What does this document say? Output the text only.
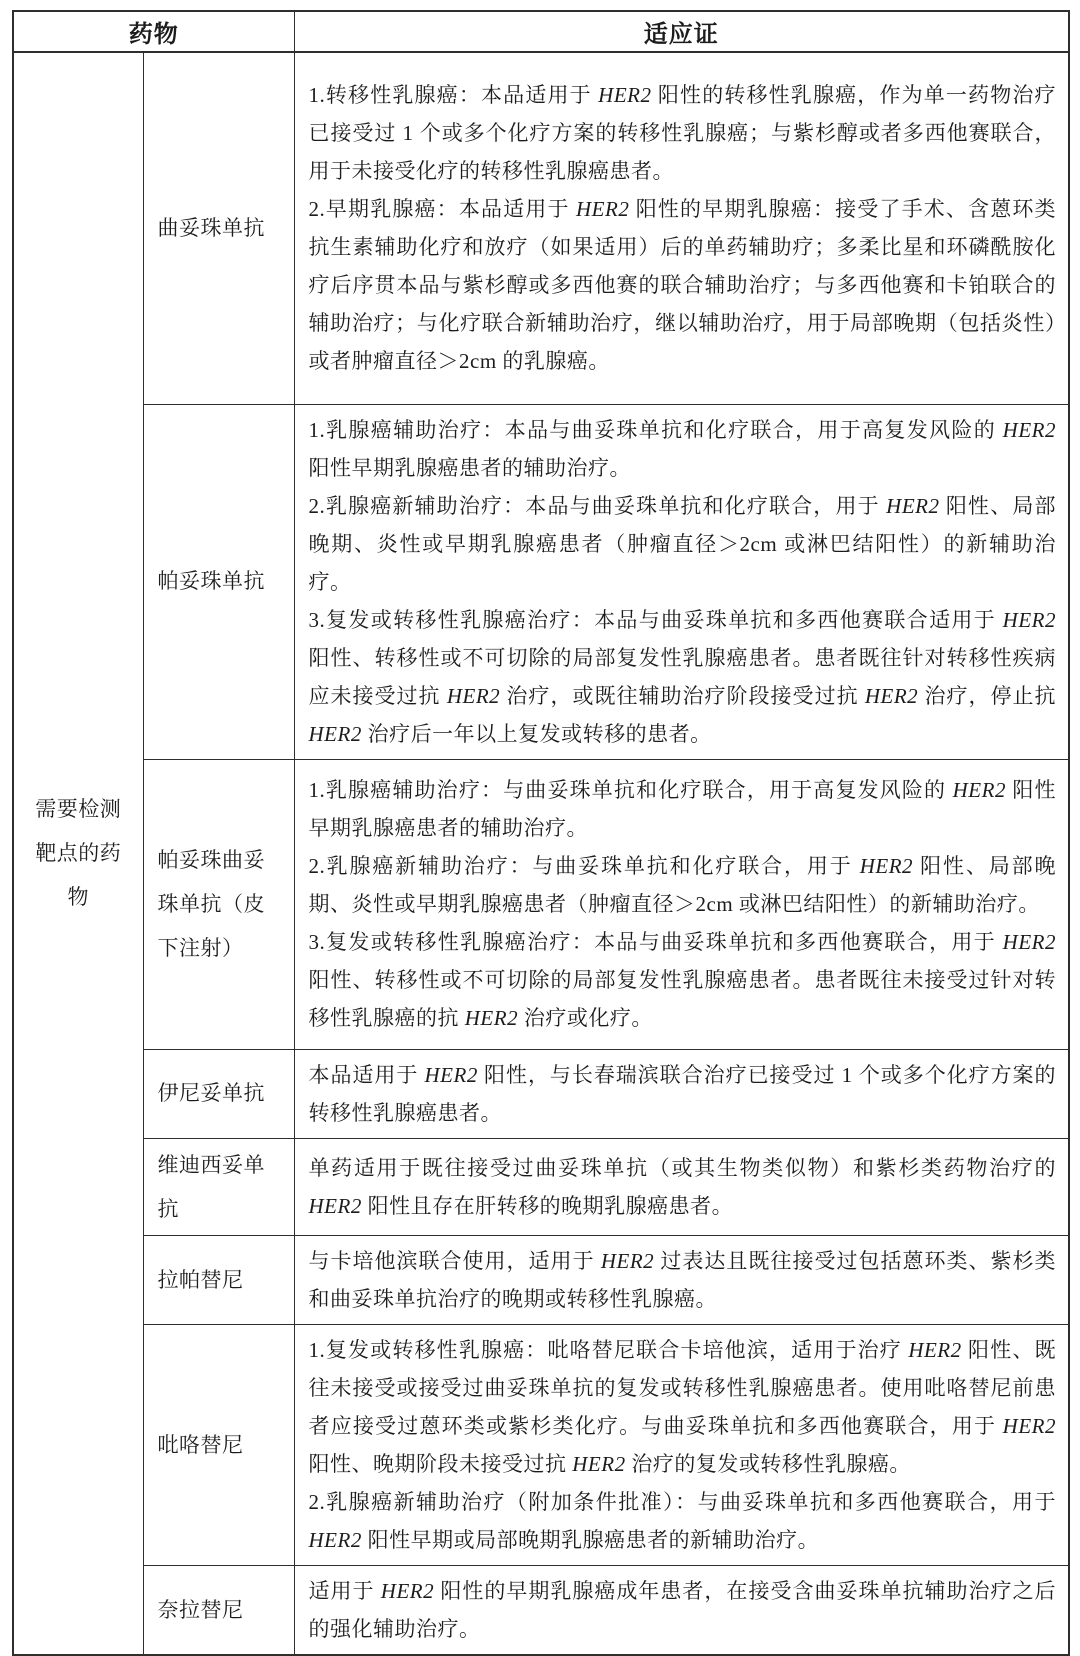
药物		适应证
需要检测靶点的药物	曲妥珠单抗	1.转移性乳腺癌：本品适用于 HER2 阳性的转移性乳腺癌，作为单一药物治疗已接受过 1 个或多个化疗方案的转移性乳腺癌；与紫杉醇或者多西他赛联合，用于未接受化疗的转移性乳腺癌患者。
2.早期乳腺癌：本品适用于 HER2 阳性的早期乳腺癌：接受了手术、含蒽环类抗生素辅助化疗和放疗（如果适用）后的单药辅助疗；多柔比星和环磷酰胺化疗后序贯本品与紫杉醇或多西他赛的联合辅助治疗；与多西他赛和卡铂联合的辅助治疗；与化疗联合新辅助治疗，继以辅助治疗，用于局部晚期（包括炎性）或者肿瘤直径＞2cm 的乳腺癌。

	帕妥珠单抗	1.乳腺癌辅助治疗：本品与曲妥珠单抗和化疗联合，用于高复发风险的 HER2 阳性早期乳腺癌患者的辅助治疗。
2.乳腺癌新辅助治疗：本品与曲妥珠单抗和化疗联合，用于 HER2 阳性、局部晚期、炎性或早期乳腺癌患者（肿瘤直径＞2cm 或淋巴结阳性）的新辅助治疗。
3.复发或转移性乳腺癌治疗：本品与曲妥珠单抗和多西他赛联合适用于 HER2 阳性、转移性或不可切除的局部复发性乳腺癌患者。患者既往针对转移性疾病应未接受过抗 HER2 治疗，或既往辅助治疗阶段接受过抗 HER2 治疗，停止抗 HER2 治疗后一年以上复发或转移的患者。

	帕妥珠曲妥珠单抗（皮下注射）	1.乳腺癌辅助治疗：与曲妥珠单抗和化疗联合，用于高复发风险的 HER2 阳性早期乳腺癌患者的辅助治疗。
2.乳腺癌新辅助治疗：与曲妥珠单抗和化疗联合，用于 HER2 阳性、局部晚期、炎性或早期乳腺癌患者（肿瘤直径＞2cm 或淋巴结阳性）的新辅助治疗。
3.复发或转移性乳腺癌治疗：本品与曲妥珠单抗和多西他赛联合，用于 HER2 阳性、转移性或不可切除的局部复发性乳腺癌患者。患者既往未接受过针对转移性乳腺癌的抗 HER2 治疗或化疗。

	伊尼妥单抗	本品适用于 HER2 阳性，与长春瑞滨联合治疗已接受过 1 个或多个化疗方案的转移性乳腺癌患者。

	维迪西妥单抗	单药适用于既往接受过曲妥珠单抗（或其生物类似物）和紫杉类药物治疗的 HER2 阳性且存在肝转移的晚期乳腺癌患者。

	拉帕替尼	与卡培他滨联合使用，适用于 HER2 过表达且既往接受过包括蒽环类、紫杉类和曲妥珠单抗治疗的晚期或转移性乳腺癌。

	吡咯替尼	1.复发或转移性乳腺癌：吡咯替尼联合卡培他滨，适用于治疗 HER2 阳性、既往未接受或接受过曲妥珠单抗的复发或转移性乳腺癌患者。使用吡咯替尼前患者应接受过蒽环类或紫杉类化疗。与曲妥珠单抗和多西他赛联合，用于 HER2 阳性、晚期阶段未接受过抗 HER2 治疗的复发或转移性乳腺癌。
2.乳腺癌新辅助治疗（附加条件批准）：与曲妥珠单抗和多西他赛联合，用于 HER2 阳性早期或局部晚期乳腺癌患者的新辅助治疗。

	奈拉替尼	适用于 HER2 阳性的早期乳腺癌成年患者，在接受含曲妥珠单抗辅助治疗之后的强化辅助治疗。
